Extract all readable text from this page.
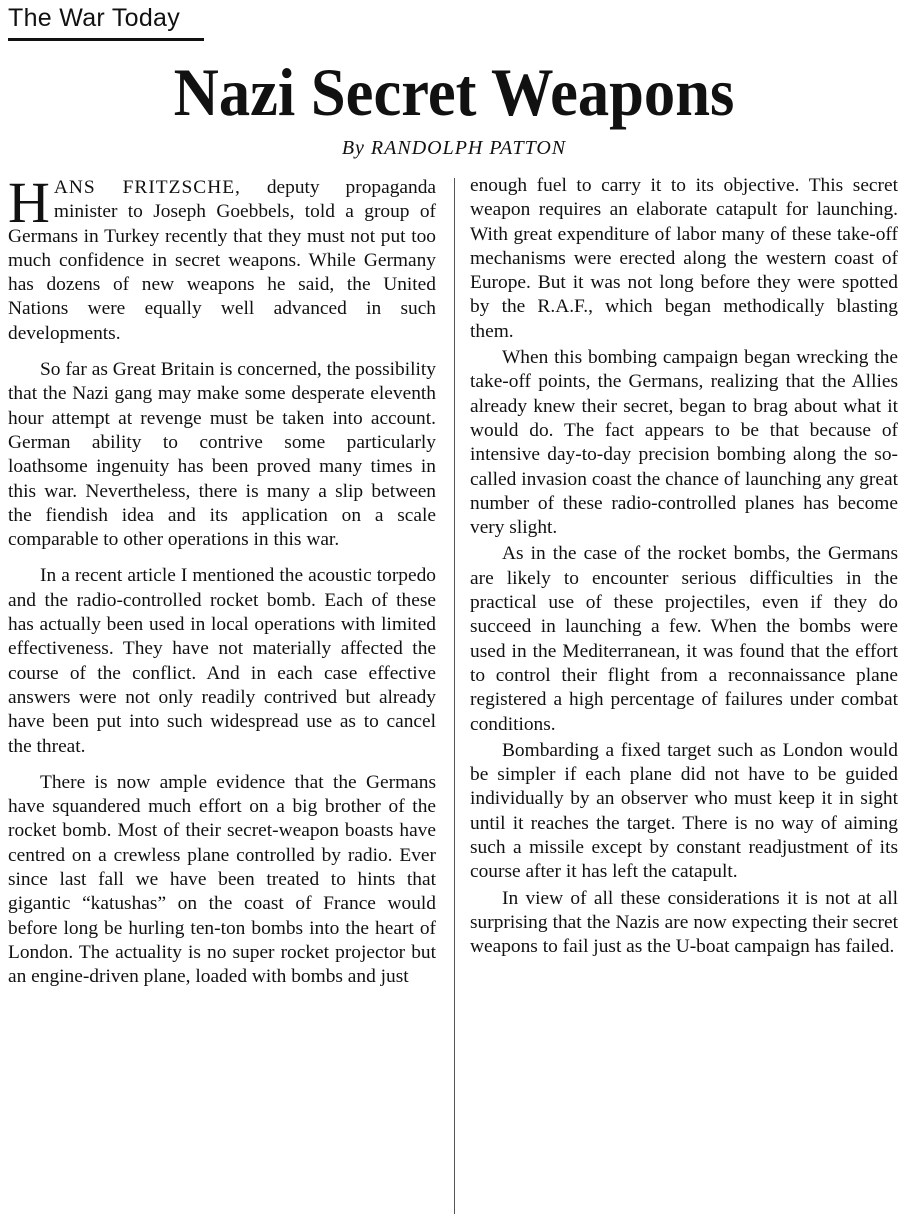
The War Today
Nazi Secret Weapons
By RANDOLPH PATTON

HANS FRITZSCHE, deputy propaganda minister to Joseph Goebbels, told a group of Germans in Turkey recently that they must not put too much confidence in secret weapons. While Germany has dozens of new weapons he said, the United Nations were equally well advanced in such developments.

So far as Great Britain is concerned, the possibility that the Nazi gang may make some desperate eleventh hour attempt at revenge must be taken into account. German ability to contrive some particularly loathsome ingenuity has been proved many times in this war. Nevertheless, there is many a slip between the fiendish idea and its application on a scale comparable to other operations in this war.

In a recent article I mentioned the acoustic torpedo and the radio-controlled rocket bomb. Each of these has actually been used in local operations with limited effectiveness. They have not materially affected the course of the conflict. And in each case effective answers were not only readily contrived but already have been put into such widespread use as to cancel the threat.

There is now ample evidence that the Germans have squandered much effort on a big brother of the rocket bomb. Most of their secret-weapon boasts have centred on a crewless plane controlled by radio. Ever since last fall we have been treated to hints that gigantic “katushas” on the coast of France would before long be hurling ten-ton bombs into the heart of London. The actuality is no super rocket projector but an engine-driven plane, loaded with bombs and just

enough fuel to carry it to its objective. This secret weapon requires an elaborate catapult for launching. With great expenditure of labor many of these take-off mechanisms were erected along the western coast of Europe. But it was not long before they were spotted by the R.A.F., which began methodically blasting them.

When this bombing campaign began wrecking the take-off points, the Germans, realizing that the Allies already knew their secret, began to brag about what it would do. The fact appears to be that because of intensive day-to-day precision bombing along the so-called invasion coast the chance of launching any great number of these radio-controlled planes has become very slight.

As in the case of the rocket bombs, the Germans are likely to encounter serious difficulties in the practical use of these projectiles, even if they do succeed in launching a few. When the bombs were used in the Mediterranean, it was found that the effort to control their flight from a reconnaissance plane registered a high percentage of failures under combat conditions.

Bombarding a fixed target such as London would be simpler if each plane did not have to be guided individually by an observer who must keep it in sight until it reaches the target. There is no way of aiming such a missile except by constant readjustment of its course after it has left the catapult.

In view of all these considerations it is not at all surprising that the Nazis are now expecting their secret weapons to fail just as the U-boat campaign has failed.
